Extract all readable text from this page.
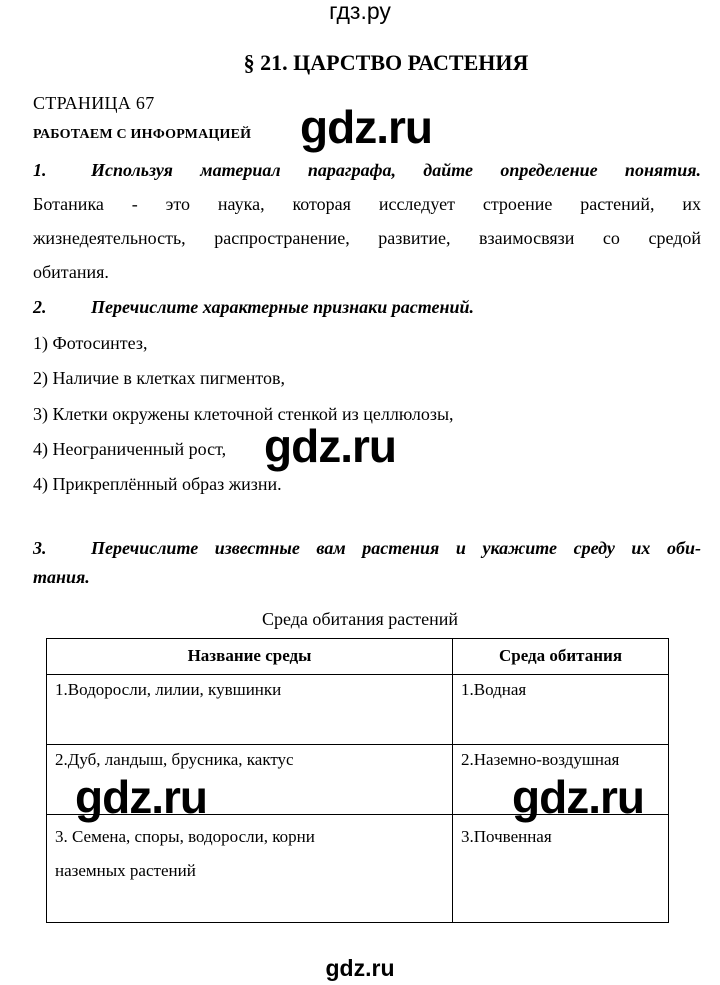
гдз.ру
§ 21. ЦАРСТВО РАСТЕНИЯ
СТРАНИЦА 67
РАБОТАЕМ С ИНФОРМАЦИЕЙ
1. Используя материал параграфа, дайте определение понятия.
Ботаника - это наука, которая исследует строение растений, их
жизнедеятельность, распространение, развитие, взаимосвязи со средой
обитания.
2. Перечислите характерные признаки растений.
1) Фотосинтез,
2) Наличие в клетках пигментов,
3) Клетки окружены клеточной стенкой из целлюлозы,
4) Неограниченный рост,
4) Прикреплённый образ жизни.
3. Перечислите известные вам растения и укажите среду их оби-
тания.
Среда обитания растений
Название среды	Среда обитания
1.Водоросли, лилии, кувшинки	1.Водная
2.Дуб, ландыш, брусника, кактус	2.Наземно-воздушная

3. Семена, споры, водоросли, корни
наземных растений	3.Почвенная
gdz.ru
gdz.ru
gdz.ru	gdz.ru
gdz.ru
